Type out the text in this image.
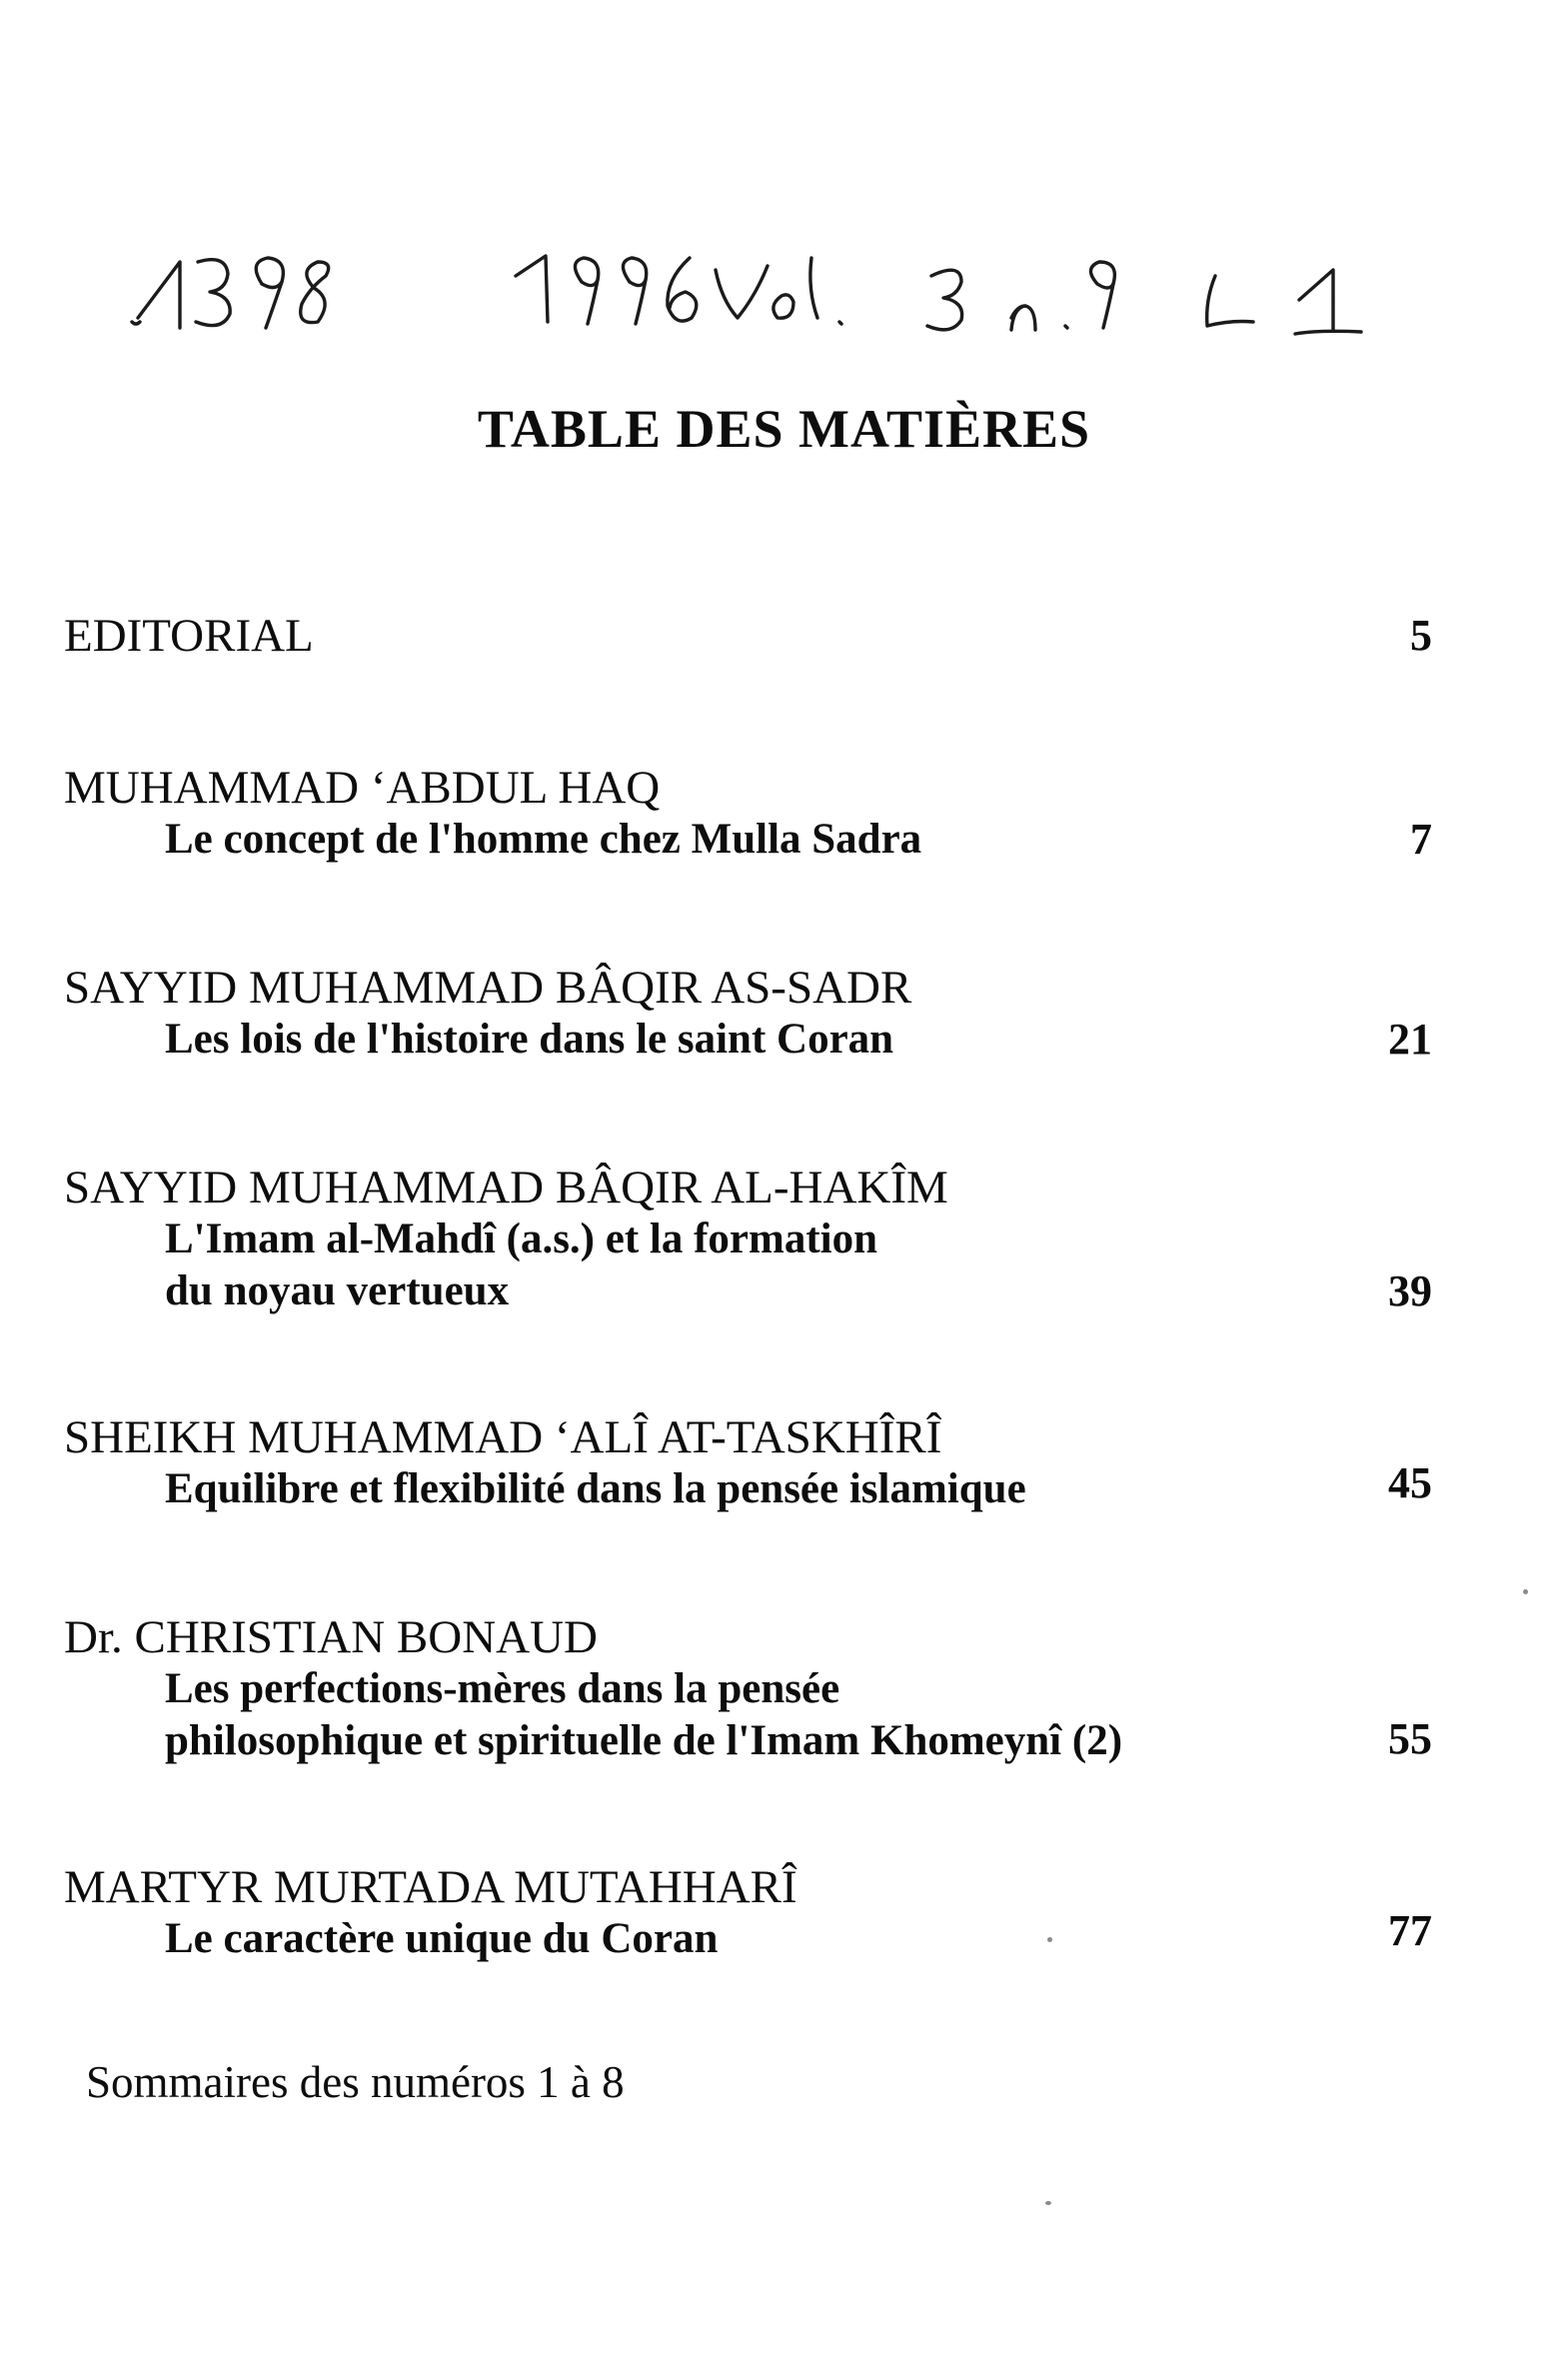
TABLE DES MATIÈRES
EDITORIAL	5
MUHAMMAD ‘ABDUL HAQ
Le concept de l'homme chez Mulla Sadra	7
SAYYID MUHAMMAD BÂQIR AS-SADR
Les lois de l'histoire dans le saint Coran	21
SAYYID MUHAMMAD BÂQIR AL-HAKÎM
L'Imam al-Mahdî (a.s.) et la formation
du noyau vertueux	39
SHEIKH MUHAMMAD ‘ALÎ AT-TASKHÎRÎ
Equilibre et flexibilité dans la pensée islamique	45
Dr. CHRISTIAN BONAUD
Les perfections-mères dans la pensée
philosophique et spirituelle de l'Imam Khomeynî (2)	55
MARTYR MURTADA MUTAHHARÎ
Le caractère unique du Coran	77
Sommaires des numéros 1 à 8
